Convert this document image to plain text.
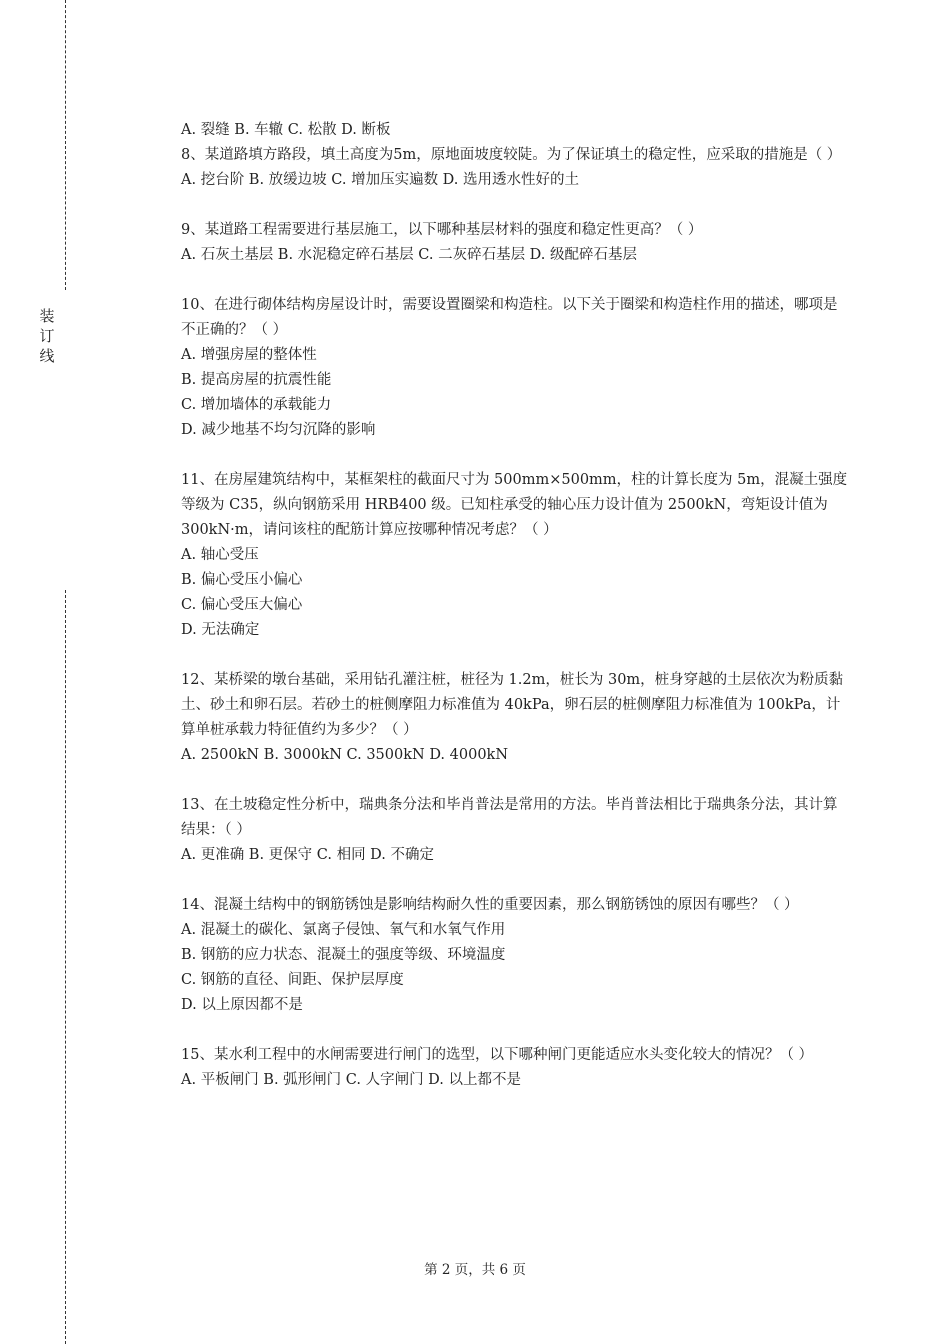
装
订
线

A. 裂缝 B. 车辙 C. 松散 D. 断板

8、某道路填方路段，填土高度为5m，原地面坡度较陡。为了保证填土的稳定性，应采取的措施是（ ）

A. 挖台阶 B. 放缓边坡 C. 增加压实遍数 D. 选用透水性好的土

9、某道路工程需要进行基层施工，以下哪种基层材料的强度和稳定性更高？（ ）

A. 石灰土基层 B. 水泥稳定碎石基层 C. 二灰碎石基层 D. 级配碎石基层

10、在进行砌体结构房屋设计时，需要设置圈梁和构造柱。以下关于圈梁和构造柱作用的描述，哪项是不正确的？（ ）

A. 增强房屋的整体性

B. 提高房屋的抗震性能

C. 增加墙体的承载能力

D. 减少地基不均匀沉降的影响

11、在房屋建筑结构中，某框架柱的截面尺寸为 500mm×500mm，柱的计算长度为 5m，混凝土强度等级为 C35，纵向钢筋采用 HRB400 级。已知柱承受的轴心压力设计值为 2500kN，弯矩设计值为 300kN·m，请问该柱的配筋计算应按哪种情况考虑？（ ）

A. 轴心受压

B. 偏心受压小偏心

C. 偏心受压大偏心

D. 无法确定

12、某桥梁的墩台基础，采用钻孔灌注桩，桩径为 1.2m，桩长为 30m，桩身穿越的土层依次为粉质黏土、砂土和卵石层。若砂土的桩侧摩阻力标准值为 40kPa，卵石层的桩侧摩阻力标准值为 100kPa，计算单桩承载力特征值约为多少？（ ）

A. 2500kN B. 3000kN C. 3500kN D. 4000kN

13、在土坡稳定性分析中，瑞典条分法和毕肖普法是常用的方法。毕肖普法相比于瑞典条分法，其计算结果：（ ）

A. 更准确 B. 更保守 C. 相同 D. 不确定

14、混凝土结构中的钢筋锈蚀是影响结构耐久性的重要因素，那么钢筋锈蚀的原因有哪些？（ ）

A. 混凝土的碳化、氯离子侵蚀、氧气和水氧气作用

B. 钢筋的应力状态、混凝土的强度等级、环境温度

C. 钢筋的直径、间距、保护层厚度

D. 以上原因都不是

15、某水利工程中的水闸需要进行闸门的选型，以下哪种闸门更能适应水头变化较大的情况？（ ）

A. 平板闸门 B. 弧形闸门 C. 人字闸门 D. 以上都不是

第 2 页，共 6 页
